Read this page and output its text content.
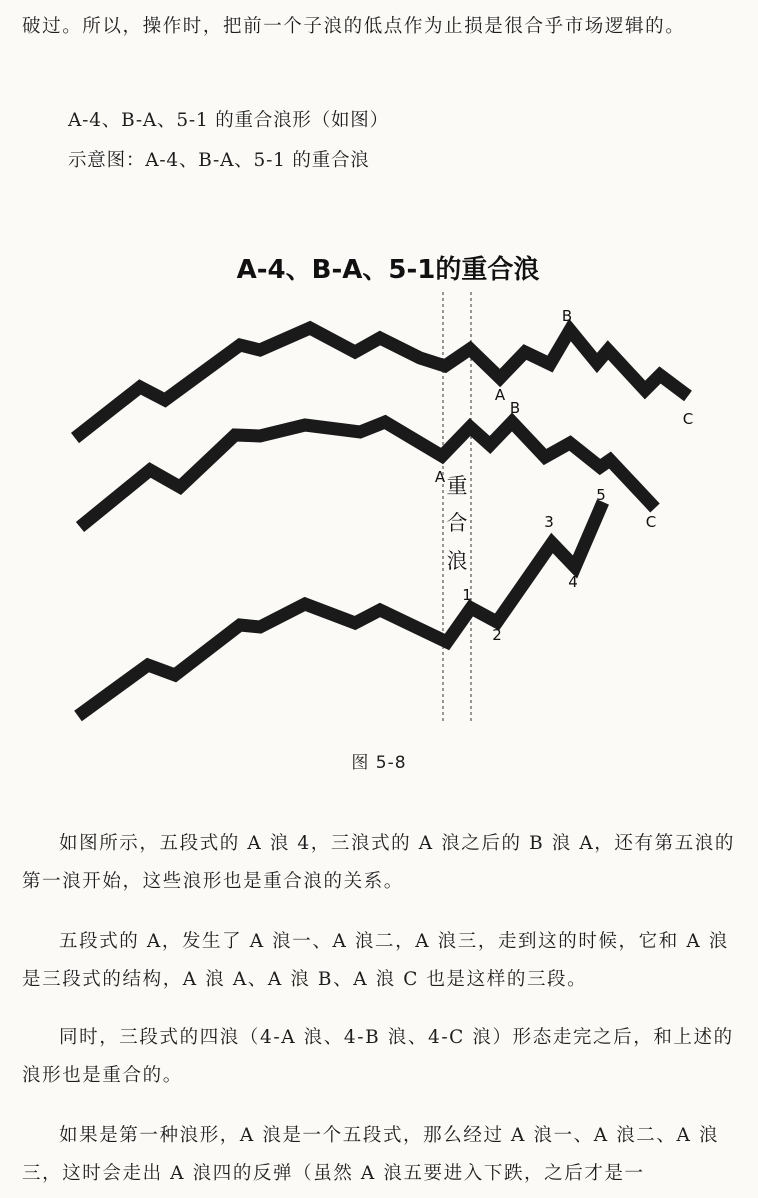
破过。所以，操作时，把前一个子浪的低点作为止损是很合乎市场逻辑的。

A-4、B-A、5-1 的重合浪形（如图）

示意图：A-4、B-A、5-1 的重合浪

A-4、B-A、5-1的重合浪
重
合
浪
A
B
C
A
B
C
1
2
3
4
5
图 5-8

如图所示，五段式的 A 浪 4，三浪式的 A 浪之后的 B 浪 A，还有第五浪的第一浪开始，这些浪形也是重合浪的关系。

五段式的 A，发生了 A 浪一、A 浪二，A 浪三，走到这的时候，它和 A 浪是三段式的结构，A 浪 A、A 浪 B、A 浪 C 也是这样的三段。

同时，三段式的四浪（4-A 浪、4-B 浪、4-C 浪）形态走完之后，和上述的浪形也是重合的。

如果是第一种浪形，A 浪是一个五段式，那么经过 A 浪一、A 浪二、A 浪三，这时会走出 A 浪四的反弹（虽然 A 浪五要进入下跌，之后才是一
